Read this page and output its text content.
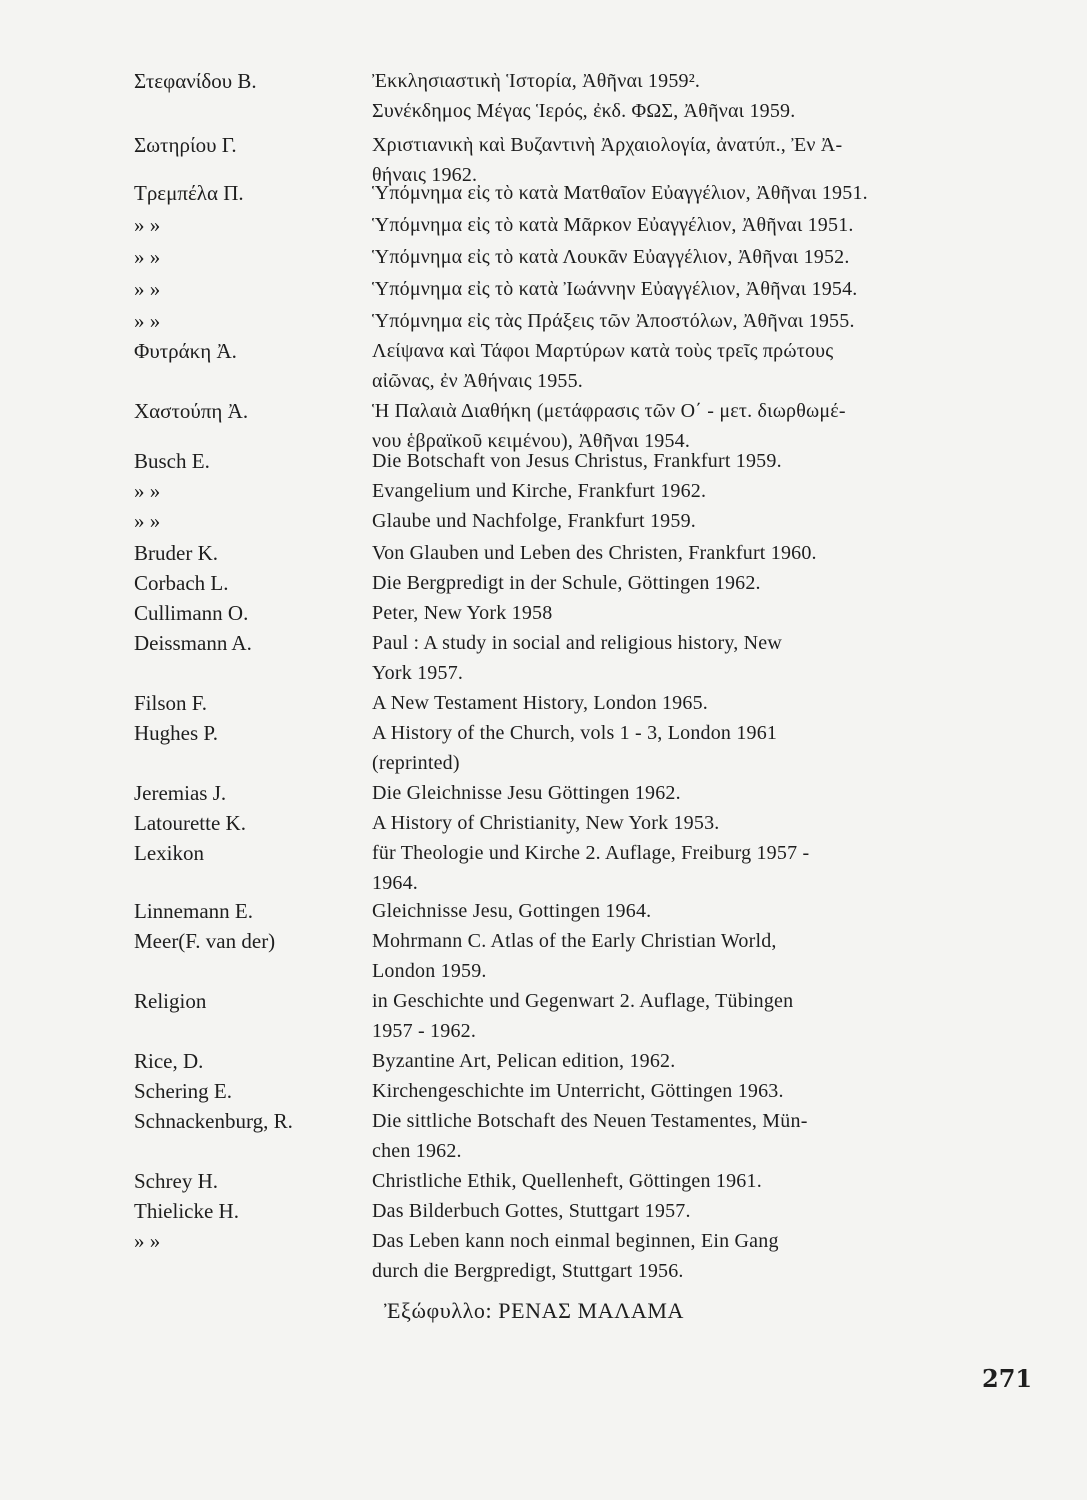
Στεφανίδου Β.	Ἐκκλησιαστικὴ Ἱστορία, Ἀθῆναι 1959².
Συνέκδημος Μέγας Ἱερός, ἐκδ. ΦΩΣ, Ἀθῆναι 1959.
Σωτηρίου Γ.	Χριστιανικὴ καὶ Βυζαντινὴ Ἀρχαιολογία, ἀνατύπ., Ἐν Ἀ-
θήναις 1962.
Τρεμπέλα Π.	Ὑπόμνημα εἰς τὸ κατὰ Ματθαῖον Εὐαγγέλιον, Ἀθῆναι 1951.
» »	Ὑπόμνημα εἰς τὸ κατὰ Μᾶρκον Εὐαγγέλιον, Ἀθῆναι 1951.
» »	Ὑπόμνημα εἰς τὸ κατὰ Λουκᾶν Εὐαγγέλιον, Ἀθῆναι 1952.
» »	Ὑπόμνημα εἰς τὸ κατὰ Ἰωάννην Εὐαγγέλιον, Ἀθῆναι 1954.
» »	Ὑπόμνημα εἰς τὰς Πράξεις τῶν Ἀποστόλων, Ἀθῆναι 1955.
Φυτράκη Ἀ.	Λείψανα καὶ Τάφοι Μαρτύρων κατὰ τοὺς τρεῖς πρώτους
αἰῶνας, ἐν Ἀθήναις 1955.
Χαστούπη Ἀ.	Ἡ Παλαιὰ Διαθήκη (μετάφρασις τῶν Ο΄ - μετ. διωρθωμέ-
νου ἑβραϊκοῦ κειμένου), Ἀθῆναι 1954.
Busch E.	Die Botschaft von Jesus Christus, Frankfurt 1959.
» »	Evangelium und Kirche, Frankfurt 1962.
» »	Glaube und Nachfolge, Frankfurt 1959.
Bruder K.	Von Glauben und Leben des Christen, Frankfurt 1960.
Corbach L.	Die Bergpredigt in der Schule, Göttingen 1962.
Cullimann O.	Peter, New York 1958
Deissmann A.	Paul : A study in social and religious history, New
York 1957.
Filson F.	A New Testament History, London 1965.
Hughes P.	A History of the Church, vols 1 - 3, London 1961
(reprinted)
Jeremias J.	Die Gleichnisse Jesu Göttingen 1962.
Latourette K.	A History of Christianity, New York 1953.
Lexikon	für Theologie und Kirche 2. Auflage, Freiburg 1957 -
1964.
Linnemann E.	Gleichnisse Jesu, Gottingen 1964.
Meer(F. van der)	Mohrmann C. Atlas of the Early Christian World,
London 1959.
Religion	in Geschichte und Gegenwart 2. Auflage, Tübingen
1957 - 1962.
Rice, D.	Byzantine Art, Pelican edition, 1962.
Schering E.	Kirchengeschichte im Unterricht, Göttingen 1963.
Schnackenburg, R.	Die sittliche Botschaft des Neuen Testamentes, Mün-
chen 1962.
Schrey H.	Christliche Ethik, Quellenheft, Göttingen 1961.
Thielicke H.	Das Bilderbuch Gottes, Stuttgart 1957.
» »	Das Leben kann noch einmal beginnen, Ein Gang
durch die Bergpredigt, Stuttgart 1956.
Ἐξώφυλλο: ΡΕΝΑΣ ΜΑΛΑΜΑ
271
